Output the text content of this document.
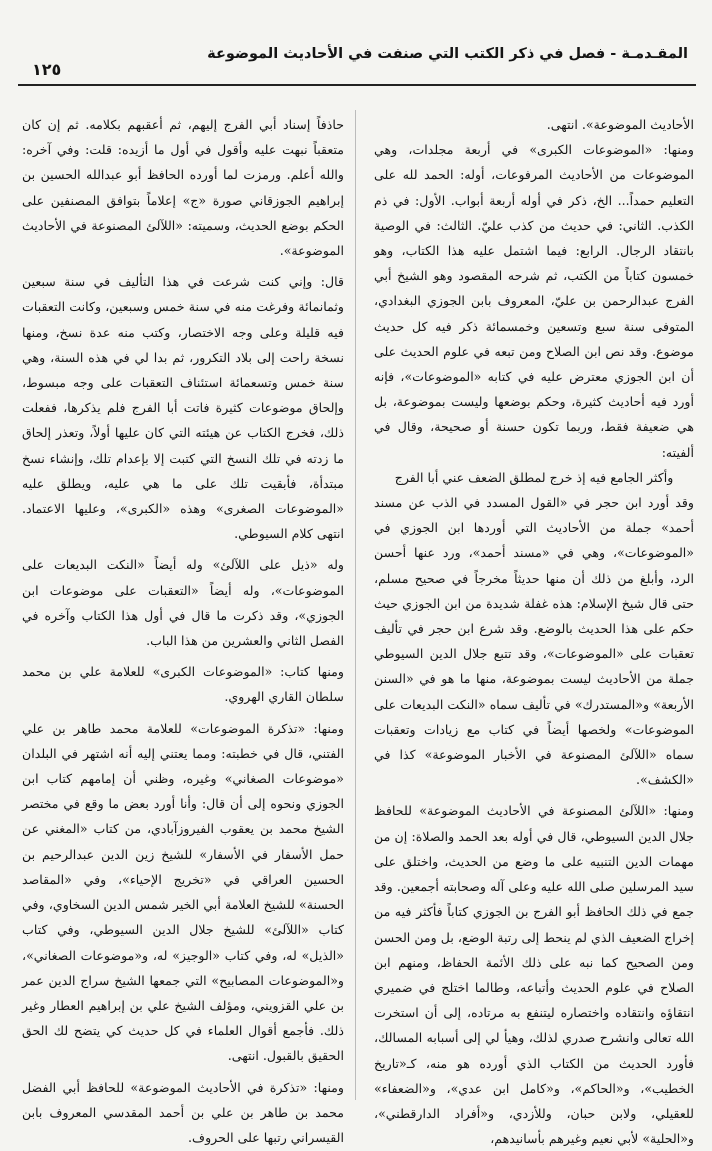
المقـدمـة - فصل في ذكر الكتب التي صنفت في الأحاديث الموضوعة
١٢٥

الأحاديث الموضوعة». انتهى.

ومنها: «الموضوعات الكبرى» في أربعة مجلدات، وهي الموضوعات من الأحاديث المرفوعات، أوله: الحمد لله على التعليم حمداً... الخ، ذكر في أوله أربعة أبواب. الأول: في ذم الكذب. الثاني: في حديث من كذب عليّ. الثالث: في الوصية بانتقاد الرجال. الرابع: فيما اشتمل عليه هذا الكتاب، وهو خمسون كتاباً من الكتب، ثم شرحه المقصود وهو الشيخ أبي الفرج عبدالرحمن بن عليّ، المعروف بابن الجوزي البغدادي، المتوفى سنة سبع وتسعين وخمسمائة ذكر فيه كل حديث موضوع. وقد نص ابن الصلاح ومن تبعه في علوم الحديث على أن ابن الجوزي معترض عليه في كتابه «الموضوعات»، فإنه أورد فيه أحاديث كثيرة، وحكم بوضعها وليست بموضوعة، بل هي ضعيفة فقط، وربما تكون حسنة أو صحيحة، وقال في ألفيته:

وأكثر الجامع فيه إذ خرج لمطلق الضعف عني أبا الفرج

وقد أورد ابن حجر في «القول المسدد في الذب عن مسند أحمد» جملة من الأحاديث التي أوردها ابن الجوزي في «الموضوعات»، وهي في «مسند أحمد»، ورد عنها أحسن الرد، وأبلغ من ذلك أن منها حديثاً مخرجاً في صحيح مسلم، حتى قال شيخ الإسلام: هذه غفلة شديدة من ابن الجوزي حيث حكم على هذا الحديث بالوضع. وقد شرع ابن حجر في تأليف تعقبات على «الموضوعات»، وقد تتبع جلال الدين السيوطي جملة من الأحاديث ليست بموضوعة، منها ما هو في «السنن الأربعة» و«المستدرك» في تأليف سماه «النكت البديعات على الموضوعات» ولخصها أيضاً في كتاب مع زيادات وتعقبات سماه «اللآلئ المصنوعة في الأخبار الموضوعة» كذا في «الكشف».

ومنها: «اللآلئ المصنوعة في الأحاديث الموضوعة» للحافظ جلال الدين السيوطي، قال في أوله بعد الحمد والصلاة: إن من مهمات الدين التنبيه على ما وضع من الحديث، واختلق على سيد المرسلين صلى الله عليه وعلى آله وصحابته أجمعين. وقد جمع في ذلك الحافظ أبو الفرج بن الجوزي كتاباً فأكثر فيه من إخراج الضعيف الذي لم ينحط إلى رتبة الوضع، بل ومن الحسن ومن الصحيح كما نبه على ذلك الأئمة الحفاظ، ومنهم ابن الصلاح في علوم الحديث وأتباعه، وطالما اختلج في ضميري انتقاؤه وانتقاده واختصاره ليتنفع به مرتاده، إلى أن استخرت الله تعالى وانشرح صدري لذلك، وهيأ لي إلى أسبابه المسالك، فأورد الحديث من الكتاب الذي أورده هو منه، كـ«تاريخ الخطيب»، و«الحاكم»، و«كامل ابن عدي»، و«الضعفاء» للعقيلي، ولابن حبان، وللأزدي، و«أفراد الدارقطني»، و«الحلية» لأبي نعيم وغيرهم بأسانيدهم،

حاذفاً إسناد أبي الفرج إليهم، ثم أعقبهم بكلامه. ثم إن كان متعقباً نبهت عليه وأقول في أول ما أزيده: قلت: وفي آخره: والله أعلم. ورمزت لما أورده الحافظ أبو عبدالله الحسين بن إبراهيم الجوزقاني صورة «ج» إعلاماً بتوافق المصنفين على الحكم بوضع الحديث، وسميته: «اللآلئ المصنوعة في الأحاديث الموضوعة».

قال: وإني كنت شرعت في هذا التأليف في سنة سبعين وثمانمائة وفرغت منه في سنة خمس وسبعين، وكانت التعقبات فيه قليلة وعلى وجه الاختصار، وكتب منه عدة نسخ، ومنها نسخة راحت إلى بلاد التكرور، ثم بدا لي في هذه السنة، وهي سنة خمس وتسعمائة استئناف التعقبات على وجه مبسوط، وإلحاق موضوعات كثيرة فاتت أبا الفرج فلم يذكرها، ففعلت ذلك، فخرج الكتاب عن هيئته التي كان عليها أولاً، وتعذر إلحاق ما زدته في تلك النسخ التي كتبت إلا بإعدام تلك، وإنشاء نسخ مبتدأة، فأبقيت تلك على ما هي عليه، ويطلق عليه «الموضوعات الصغرى» وهذه «الكبرى»، وعليها الاعتماد. انتهى كلام السيوطي.

وله «ذيل على اللآلئ» وله أيضاً «النكت البديعات على الموضوعات»، وله أيضاً «التعقبات على موضوعات ابن الجوزي»، وقد ذكرت ما قال في أول هذا الكتاب وآخره في الفصل الثاني والعشرين من هذا الباب.

ومنها كتاب: «الموضوعات الكبرى» للعلامة علي بن محمد سلطان القاري الهروي.

ومنها: «تذكرة الموضوعات» للعلامة محمد طاهر بن علي الفتني، قال في خطبته: ومما يعتني إليه أنه اشتهر في البلدان «موضوعات الصغاني» وغيره، وظني أن إمامهم كتاب ابن الجوزي ونحوه إلى أن قال: وأنا أورد بعض ما وقع في مختصر الشيخ محمد بن يعقوب الفيروزآبادي، من كتاب «المغني عن حمل الأسفار في الأسفار» للشيخ زين الدين عبدالرحيم بن الحسين العراقي في «تخريج الإحياء»، وفي «المقاصد الحسنة» للشيخ العلامة أبي الخير شمس الدين السخاوي، وفي كتاب «اللآلئ» للشيخ جلال الدين السيوطي، وفي كتاب «الذيل» له، وفي كتاب «الوجيز» له، و«موضوعات الصغاني»، و«الموضوعات المصابيح» التي جمعها الشيخ سراج الدين عمر بن علي القزويني، ومؤلف الشيخ علي بن إبراهيم العطار وغير ذلك. فأجمع أقوال العلماء في كل حديث كي يتضح لك الحق الحقيق بالقبول. انتهى.

ومنها: «تذكرة في الأحاديث الموضوعة» للحافظ أبي الفضل محمد بن طاهر بن علي بن أحمد المقدسي المعروف بابن القيسراني رتبها على الحروف.
